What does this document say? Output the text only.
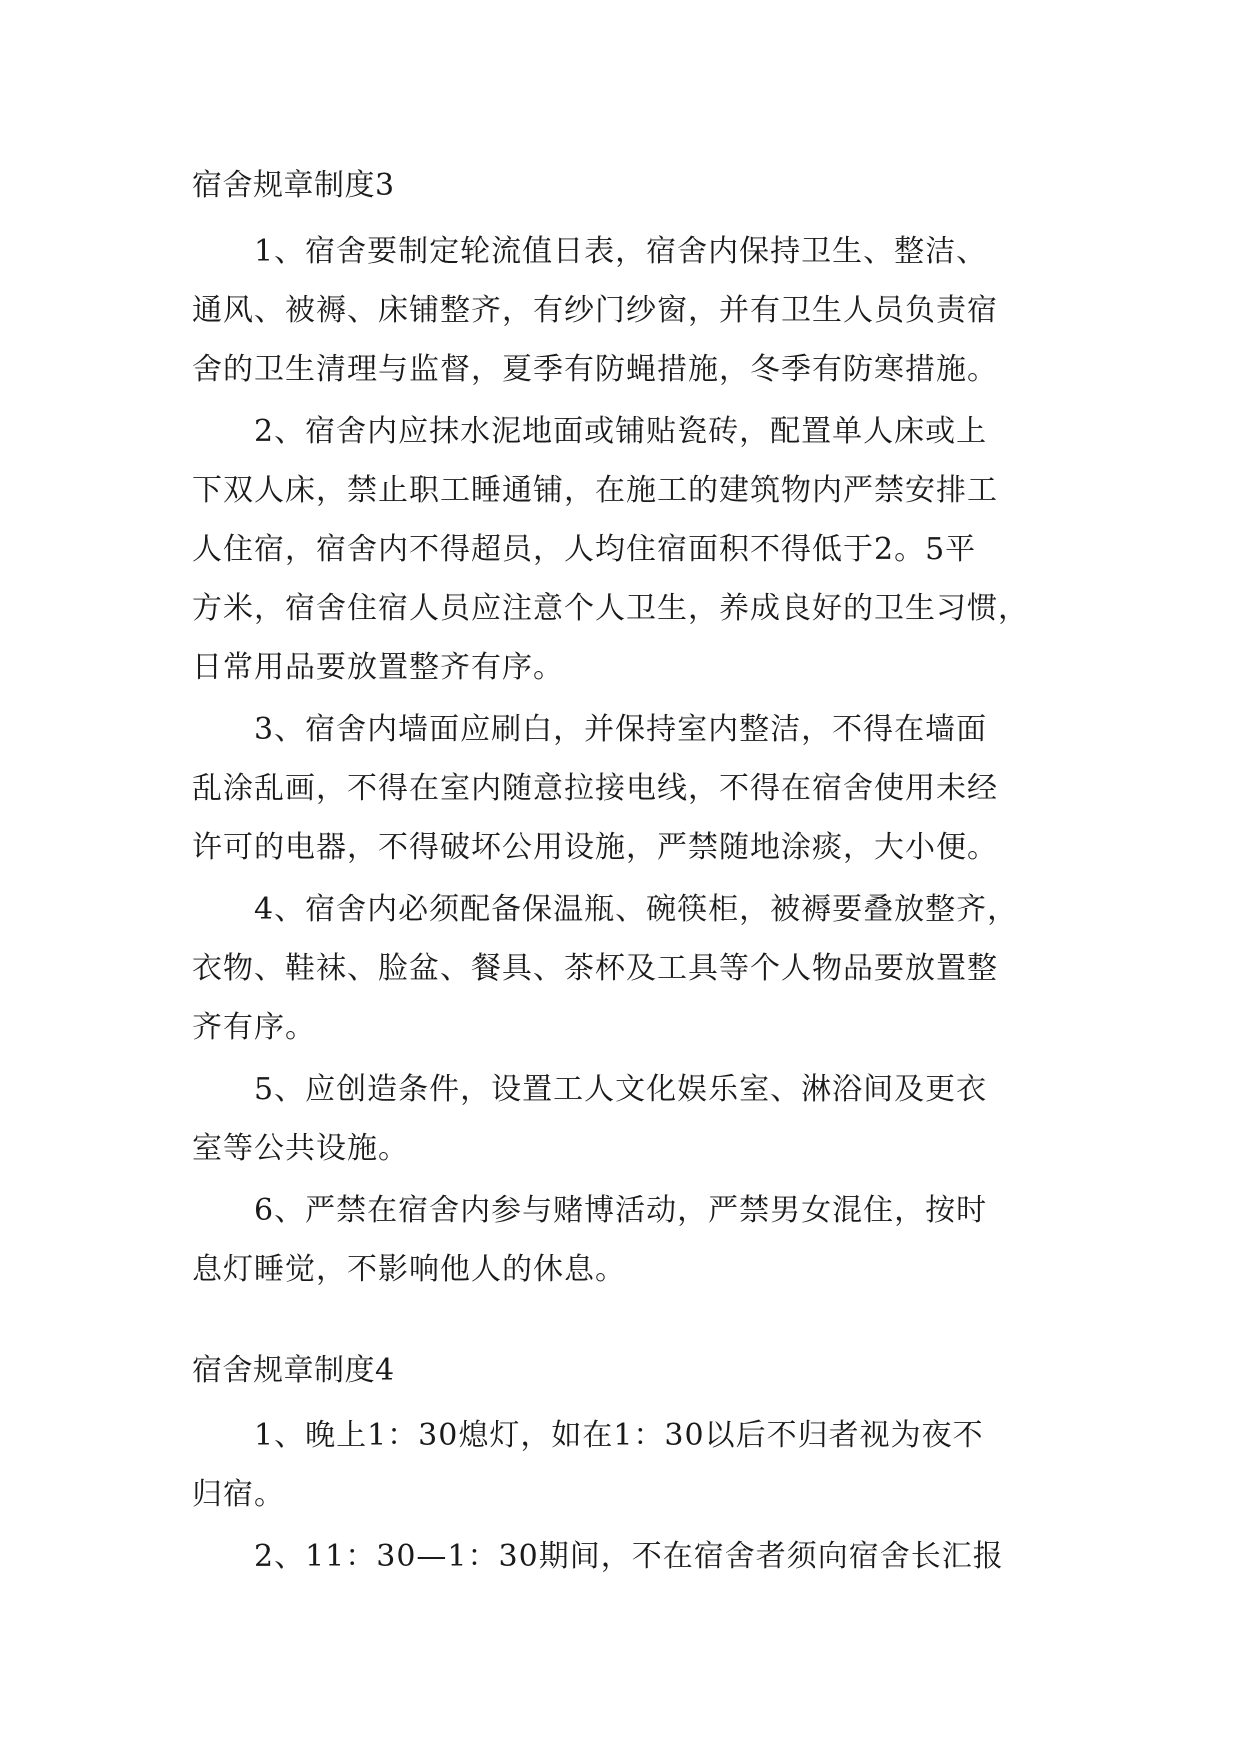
宿舍规章制度3
1、宿舍要制定轮流值日表，宿舍内保持卫生、整洁、
通风、被褥、床铺整齐，有纱门纱窗，并有卫生人员负责宿
舍的卫生清理与监督，夏季有防蝇措施，冬季有防寒措施。
2、宿舍内应抹水泥地面或铺贴瓷砖，配置单人床或上
下双人床，禁止职工睡通铺，在施工的建筑物内严禁安排工
人住宿，宿舍内不得超员，人均住宿面积不得低于2。5平
方米，宿舍住宿人员应注意个人卫生，养成良好的卫生习惯，
日常用品要放置整齐有序。
3、宿舍内墙面应刷白，并保持室内整洁，不得在墙面
乱涂乱画，不得在室内随意拉接电线，不得在宿舍使用未经
许可的电器，不得破坏公用设施，严禁随地涂痰，大小便。
4、宿舍内必须配备保温瓶、碗筷柜，被褥要叠放整齐，
衣物、鞋袜、脸盆、餐具、茶杯及工具等个人物品要放置整
齐有序。
5、应创造条件，设置工人文化娱乐室、淋浴间及更衣
室等公共设施。
6、严禁在宿舍内参与赌博活动，严禁男女混住，按时
息灯睡觉，不影响他人的休息。
宿舍规章制度4
1、晚上1：30熄灯，如在1：30以后不归者视为夜不
归宿。
2、11：30—1：30期间，不在宿舍者须向宿舍长汇报
